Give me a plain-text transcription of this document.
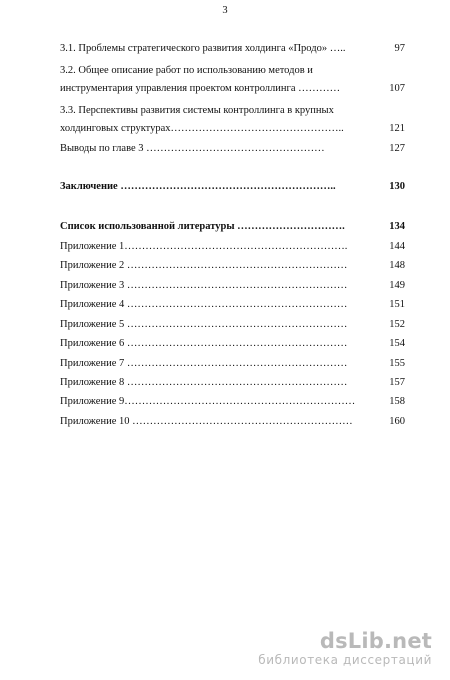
3
3.1. Проблемы стратегического развития холдинга «Продо» …..	97
3.2. Общее описание работ по использованию методов и
инструментария управления проектом контроллинга …………	107
3.3. Перспективы развития системы контроллинга в крупных
холдинговых структурах…………………………………………..	121
Выводы по главе 3 ……………………………………………	127
Заключение ……………………………………………………..	130
Список использованной литературы ………………………….	134
Приложение 1……………………………………………………….	144
Приложение 2 ………………………………………………………	148
Приложение 3 ………………………………………………………	149
Приложение 4 ………………………………………………………	151
Приложение 5 ………………………………………………………	152
Приложение 6 ………………………………………………………	154
Приложение 7 ………………………………………………………	155
Приложение 8 ………………………………………………………	157
Приложение 9…………………………………………………………	158
Приложение 10 ………………………………………………………	160
dsLib.net
библиотека диссертаций
